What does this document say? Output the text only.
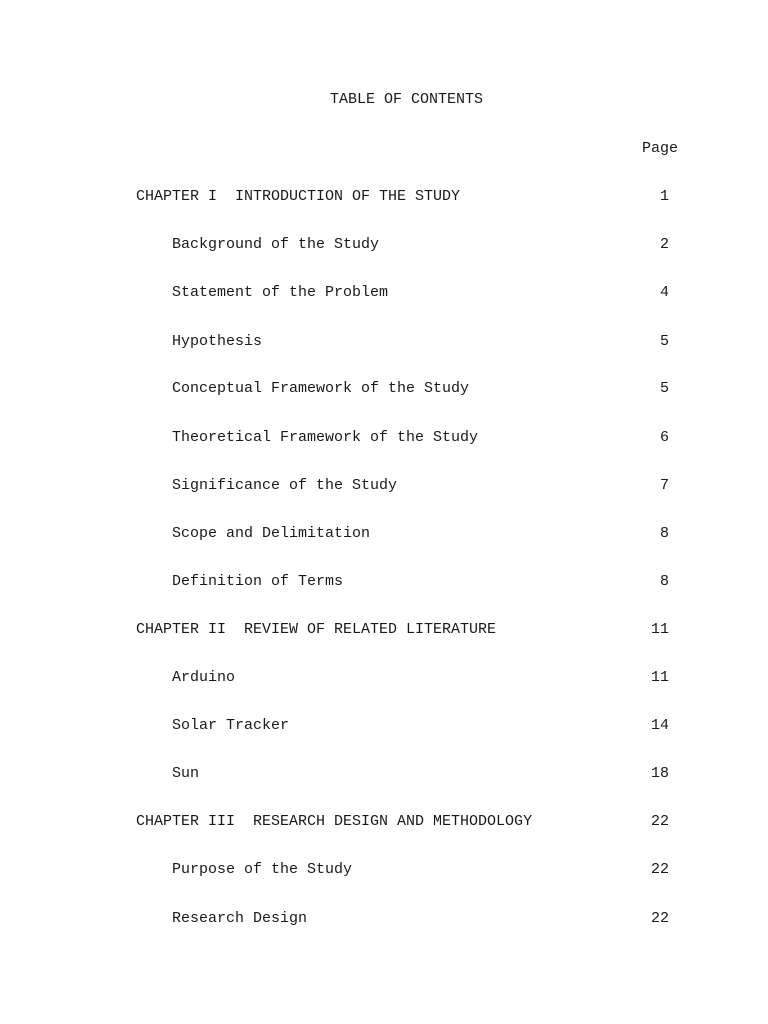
TABLE OF CONTENTS
Page
CHAPTER I  INTRODUCTION OF THE STUDY	1
Background of the Study	2
Statement of the Problem	4
Hypothesis	5
Conceptual Framework of the Study	5
Theoretical Framework of the Study	6
Significance of the Study	7
Scope and Delimitation	8
Definition of Terms	8
CHAPTER II  REVIEW OF RELATED LITERATURE	11
Arduino	11
Solar Tracker	14
Sun	18
CHAPTER III  RESEARCH DESIGN AND METHODOLOGY	22
Purpose of the Study	22
Research Design	22
